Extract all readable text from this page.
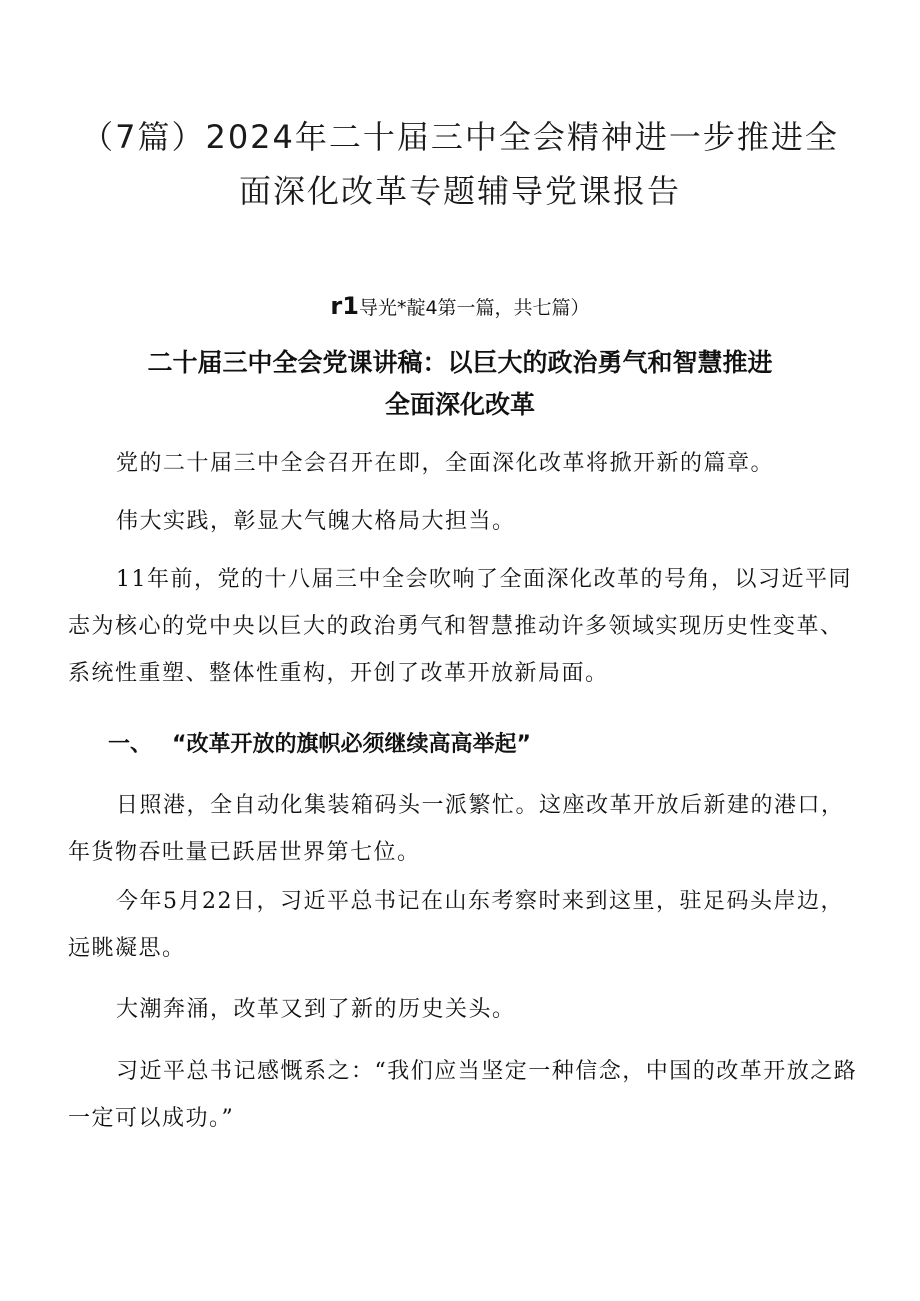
（7篇）2024年二十届三中全会精神进一步推进全
面深化改革专题辅导党课报告
r1导光*靛4第一篇，共七篇）
二十届三中全会党课讲稿：以巨大的政治勇气和智慧推进
全面深化改革

党的二十届三中全会召开在即，全面深化改革将掀开新的篇章。

伟大实践，彰显大气魄大格局大担当。

11年前，党的十八届三中全会吹响了全面深化改革的号角，以习近平同志为核心的党中央以巨大的政治勇气和智慧推动许多领域实现历史性变革、系统性重塑、整体性重构，开创了改革开放新局面。

一、 “改革开放的旗帜必须继续高高举起”

日照港，全自动化集装箱码头一派繁忙。这座改革开放后新建的港口，年货物吞吐量已跃居世界第七位。

今年5月22日，习近平总书记在山东考察时来到这里，驻足码头岸边，远眺凝思。

大潮奔涌，改革又到了新的历史关头。

习近平总书记感慨系之：“我们应当坚定一种信念，中国的改革开放之路一定可以成功。”
